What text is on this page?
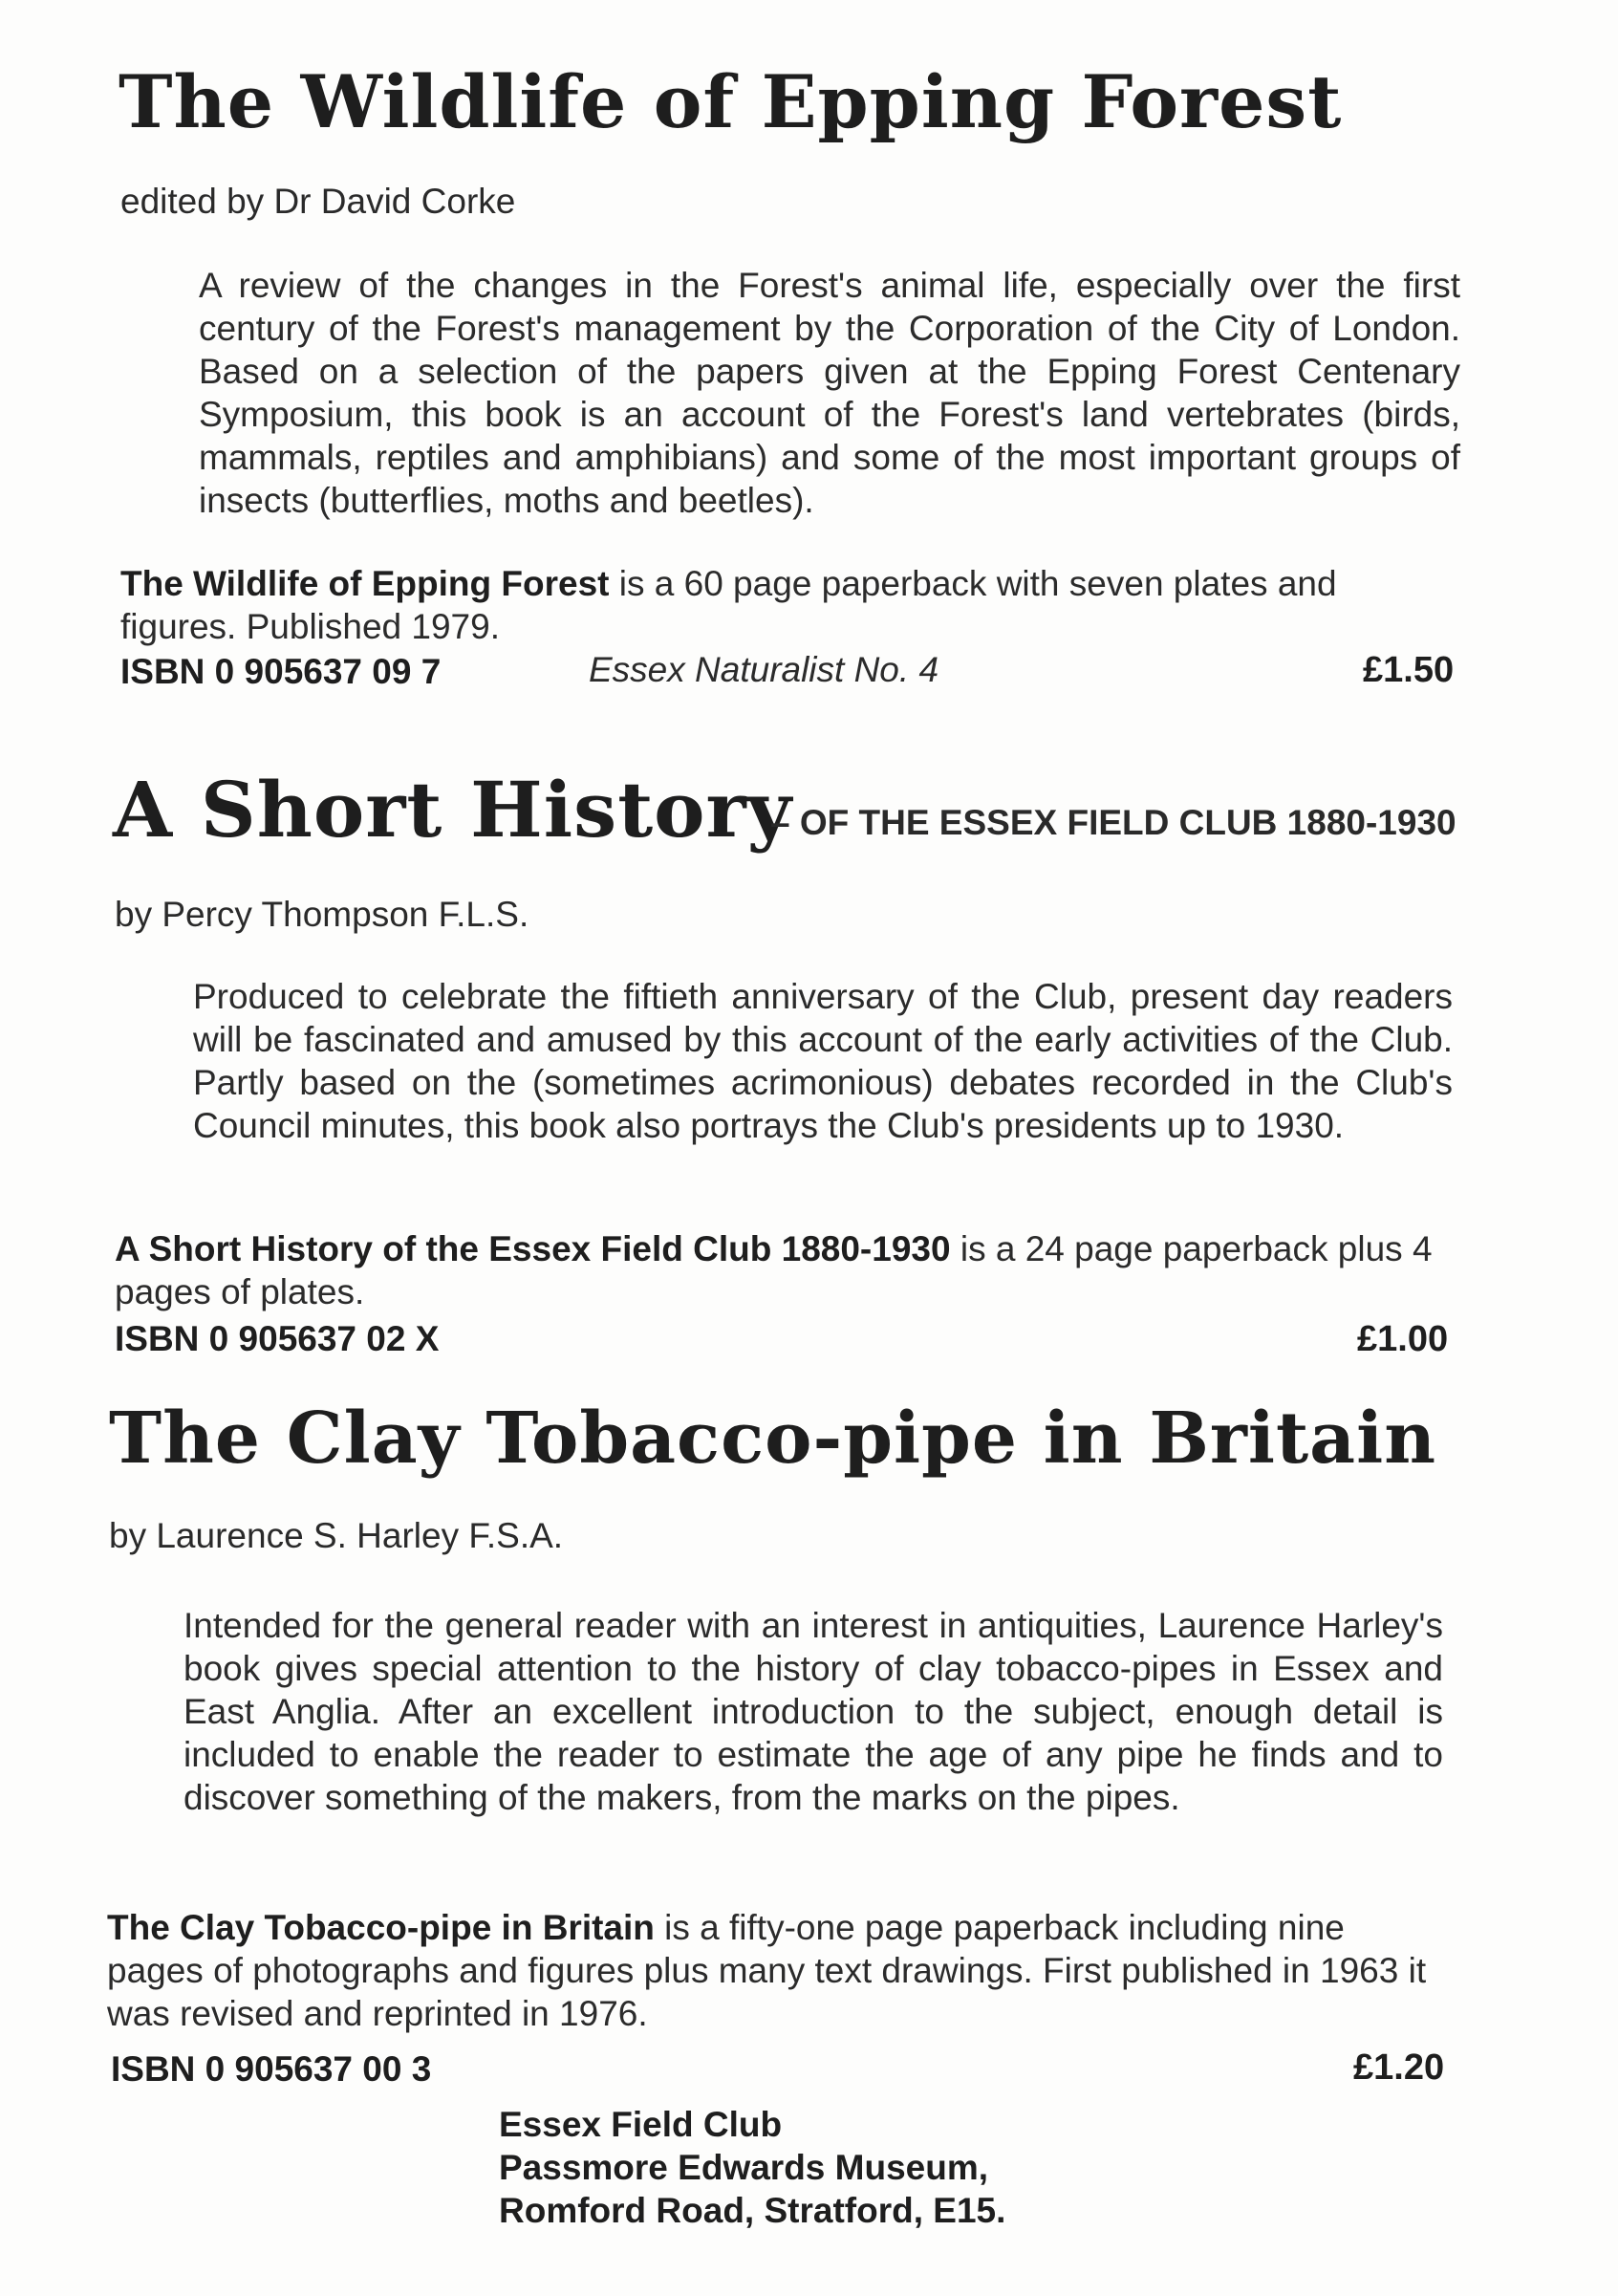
The Wildlife of Epping Forest
edited by Dr David Corke
A review of the changes in the Forest's animal life, especially over the first century of the Forest's management by the Corporation of the City of London. Based on a selection of the papers given at the Epping Forest Centenary Symposium, this book is an account of the Forest's land vertebrates (birds, mammals, reptiles and amphibians) and some of the most important groups of insects (butterflies, moths and beetles).
The Wildlife of Epping Forest is a 60 page paperback with seven plates and figures. Published 1979.
ISBN 0 905637 09 7	Essex Naturalist No. 4	£1.50
A Short History
– OF THE ESSEX FIELD CLUB 1880-1930
by Percy Thompson F.L.S.
Produced to celebrate the fiftieth anniversary of the Club, present day readers will be fascinated and amused by this account of the early activities of the Club. Partly based on the (sometimes acrimonious) debates recorded in the Club's Council minutes, this book also portrays the Club's presidents up to 1930.
A Short History of the Essex Field Club 1880-1930 is a 24 page paperback plus 4 pages of plates.
ISBN 0 905637 02 X	£1.00
The Clay Tobacco-pipe in Britain
by Laurence S. Harley F.S.A.
Intended for the general reader with an interest in antiquities, Laurence Harley's book gives special attention to the history of clay tobacco-pipes in Essex and East Anglia. After an excellent introduction to the subject, enough detail is included to enable the reader to estimate the age of any pipe he finds and to discover something of the makers, from the marks on the pipes.
The Clay Tobacco-pipe in Britain is a fifty-one page paperback including nine pages of photographs and figures plus many text drawings. First published in 1963 it was revised and reprinted in 1976.
ISBN 0 905637 00 3	£1.20
Essex Field Club
Passmore Edwards Museum,
Romford Road, Stratford, E15.
